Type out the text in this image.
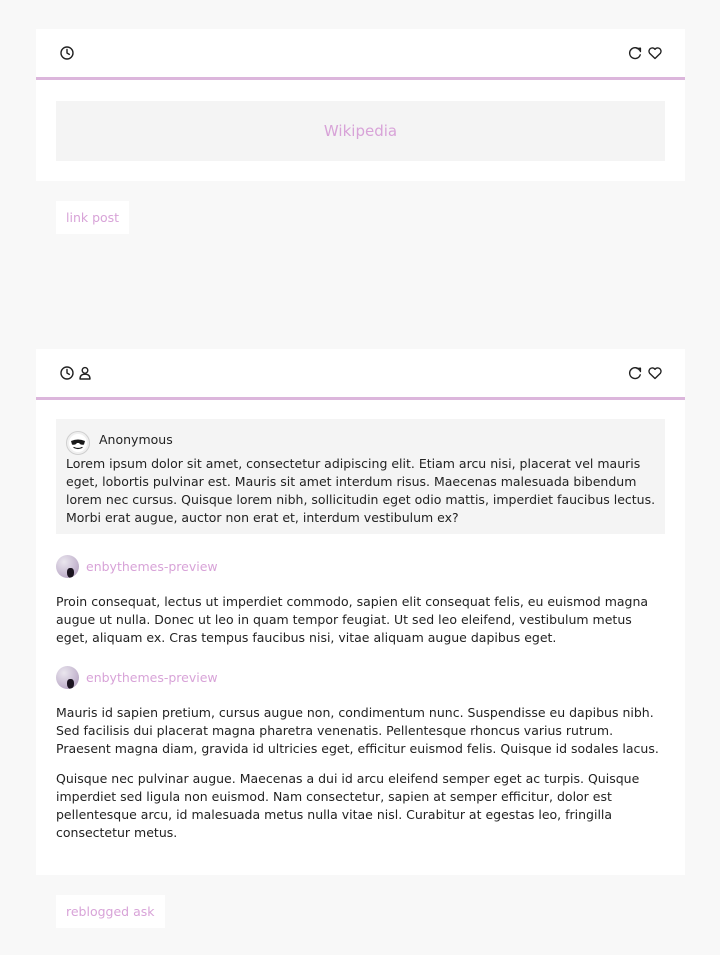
Wikipedia
link post
Anonymous

Lorem ipsum dolor sit amet, consectetur adipiscing elit. Etiam arcu nisi, placerat vel mauris eget, lobortis pulvinar est. Mauris sit amet interdum risus. Maecenas malesuada bibendum lorem nec cursus. Quisque lorem nibh, sollicitudin eget odio mattis, imperdiet faucibus lectus. Morbi erat augue, auctor non erat et, interdum vestibulum ex?

enbythemes-preview

Proin consequat, lectus ut imperdiet commodo, sapien elit consequat felis, eu euismod magna augue ut nulla. Donec ut leo in quam tempor feugiat. Ut sed leo eleifend, vestibulum metus eget, aliquam ex. Cras tempus faucibus nisi, vitae aliquam augue dapibus eget.

enbythemes-preview

Mauris id sapien pretium, cursus augue non, condimentum nunc. Suspendisse eu dapibus nibh. Sed facilisis dui placerat magna pharetra venenatis. Pellentesque rhoncus varius rutrum. Praesent magna diam, gravida id ultricies eget, efficitur euismod felis. Quisque id sodales lacus.

Quisque nec pulvinar augue. Maecenas a dui id arcu eleifend semper eget ac turpis. Quisque imperdiet sed ligula non euismod. Nam consectetur, sapien at semper efficitur, dolor est pellentesque arcu, id malesuada metus nulla vitae nisl. Curabitur at egestas leo, fringilla consectetur metus.

reblogged ask
